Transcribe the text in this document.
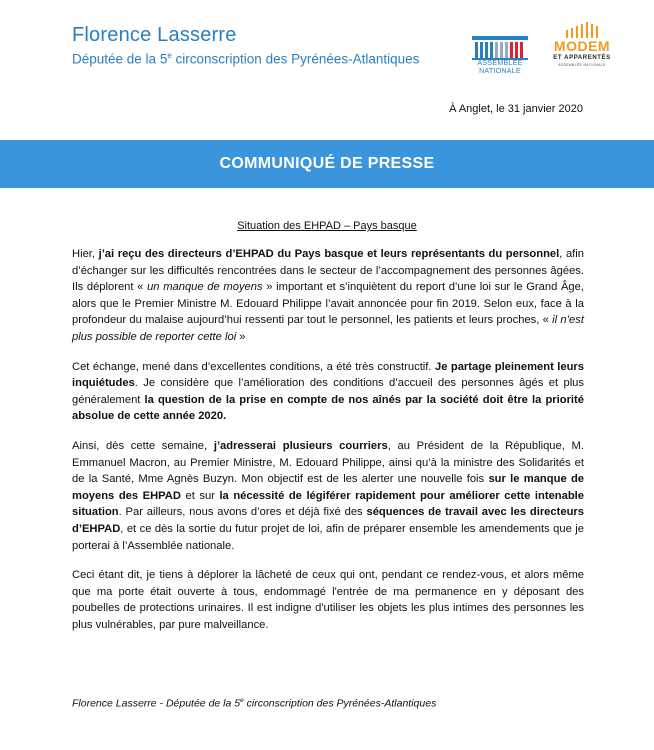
Florence Lasserre
Députée de la 5e circonscription des Pyrénées-Atlantiques	ASSEMBLÉE
NATIONALE
MODEM
ET APPARENTÉS
ASSEMBLÉE NATIONALE
À Anglet, le 31 janvier 2020
COMMUNIQUÉ DE PRESSE
Situation des EHPAD – Pays basque

Hier, j’ai reçu des directeurs d’EHPAD du Pays basque et leurs représentants du personnel, afin d’échanger sur les difficultés rencontrées dans le secteur de l’accompagnement des personnes âgées. Ils déplorent « un manque de moyens » important et s’inquiètent du report d’une loi sur le Grand Âge, alors que le Premier Ministre M. Edouard Philippe l’avait annoncée pour fin 2019. Selon eux, face à la profondeur du malaise aujourd’hui ressenti par tout le personnel, les patients et leurs proches, « il n’est plus possible de reporter cette loi »

Cet échange, mené dans d’excellentes conditions, a été très constructif. Je partage pleinement leurs inquiétudes. Je considère que l’amélioration des conditions d’accueil des personnes âgés et plus généralement la question de la prise en compte de nos aînés par la société doit être la priorité absolue de cette année 2020.

Ainsi, dès cette semaine, j’adresserai plusieurs courriers, au Président de la République, M. Emmanuel Macron, au Premier Ministre, M. Edouard Philippe, ainsi qu’à la ministre des Solidarités et de la Santé, Mme Agnès Buzyn. Mon objectif est de les alerter une nouvelle fois sur le manque de moyens des EHPAD et sur la nécessité de légiférer rapidement pour améliorer cette intenable situation. Par ailleurs, nous avons d’ores et déjà fixé des séquences de travail avec les directeurs d’EHPAD, et ce dès la sortie du futur projet de loi, afin de préparer ensemble les amendements que je porterai à l’Assemblée nationale.

Ceci étant dit, je tiens à déplorer la lâcheté de ceux qui ont, pendant ce rendez-vous, et alors même que ma porte était ouverte à tous, endommagé l'entrée de ma permanence en y déposant des poubelles de protections urinaires. Il est indigne d'utiliser les objets les plus intimes des personnes les plus vulnérables, par pure malveillance.

Florence Lasserre - Députée de la 5e circonscription des Pyrénées-Atlantiques
